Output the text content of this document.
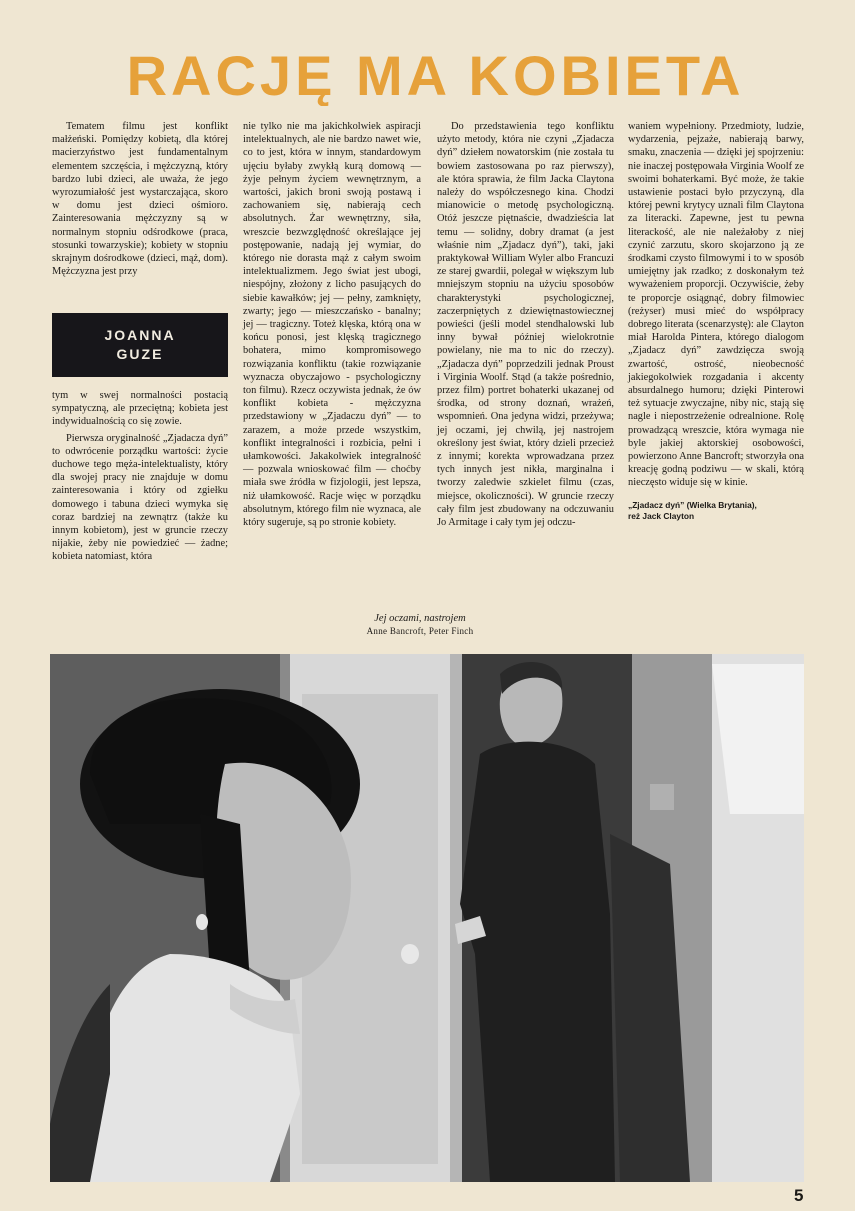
RACJĘ MA KOBIETA

Tematem filmu jest konflikt małżeński. Pomiędzy kobietą, dla której macierzyństwo jest fundamentalnym elementem szczęścia, i mężczyzną, który bardzo lubi dzieci, ale uważa, że jego wyrozumiałość jest wystarczająca, skoro w domu jest dzieci ośmioro. Zainteresowania mężczyzny są w normalnym stopniu odśrodkowe (praca, stosunki towarzyskie); kobiety w stopniu skrajnym dośrodkowe (dzieci, mąż, dom). Mężczyzna jest przy

JOANNA
GUZE

tym w swej normalności postacią sympatyczną, ale przeciętną; kobieta jest indywidualnością co się zowie.

Pierwsza oryginalność „Zjadacza dyń” to odwrócenie porządku wartości: życie duchowe tego męża-intelektualisty, który dla swojej pracy nie znajduje w domu zainteresowania i który od zgiełku domowego i tabuna dzieci wymyka się coraz bardziej na zewnątrz (także ku innym kobietom), jest w gruncie rzeczy nijakie, żeby nie powiedzieć — żadne; kobieta natomiast, która

nie tylko nie ma jakichkolwiek aspiracji intelektualnych, ale nie bardzo nawet wie, co to jest, która w innym, standardowym ujęciu byłaby zwykłą kurą domową — żyje pełnym życiem wewnętrznym, a wartości, jakich broni swoją postawą i zachowaniem się, nabierają cech absolutnych. Żar wewnętrzny, siła, wreszcie bezwzględność określające jej postępowanie, nadają jej wymiar, do którego nie dorasta mąż z całym swoim intelektualizmem. Jego świat jest ubogi, niespójny, złożony z licho pasujących do siebie kawałków; jej — pełny, zamknięty, zwarty; jego — mieszczańsko - banalny; jej — tragiczny. Toteż klęska, którą ona w końcu ponosi, jest klęską tragicznego bohatera, mimo kompromisowego rozwiązania konfliktu (takie rozwiązanie wyznacza obyczajowo - psychologiczny ton filmu). Rzecz oczywista jednak, że ów konflikt kobieta - mężczyzna przedstawiony w „Zjadaczu dyń” — to zarazem, a może przede wszystkim, konflikt integralności i rozbicia, pełni i ułamkowości. Jakakolwiek integralność — pozwala wnioskować film — choćby miała swe źródła w fizjologii, jest lepsza, niż ułamkowość. Racje więc w porządku absolutnym, którego film nie wyznaca, ale który sugeruje, są po stronie kobiety.

Do przedstawienia tego konfliktu użyto metody, która nie czyni „Zjadacza dyń” dziełem nowatorskim (nie została tu bowiem zastosowana po raz pierwszy), ale która sprawia, że film Jacka Claytona należy do współczesnego kina. Chodzi mianowicie o metodę psychologiczną. Otóż jeszcze piętnaście, dwadzieścia lat temu — solidny, dobry dramat (a jest właśnie nim „Zjadacz dyń”), taki, jaki praktykował William Wyler albo Francuzi ze starej gwardii, polegał w większym lub mniejszym stopniu na użyciu sposobów charakterystyki psychologicznej, zaczerpniętych z dziewiętnastowiecznej powieści (jeśli model stendhalowski lub inny bywał później wielokrotnie powielany, nie ma to nic do rzeczy). „Zjadacza dyń” poprzedzili jednak Proust i Virginia Woolf. Stąd (a także pośrednio, przez film) portret bohaterki ukazanej od środka, od strony doznań, wrażeń, wspomnień. Ona jedyna widzi, przeżywa; jej oczami, jej chwilą, jej nastrojem określony jest świat, który dzieli przecież z innymi; korekta wprowadzana przez tych innych jest nikła, marginalna i tworzy zaledwie szkielet filmu (czas, miejsce, okoliczności). W gruncie rzeczy cały film jest zbudowany na odczuwaniu Jo Armitage i cały tym jej odczu-

waniem wypełniony. Przedmioty, ludzie, wydarzenia, pejzaże, nabierają barwy, smaku, znaczenia — dzięki jej spojrzeniu: nie inaczej postępowała Virginia Woolf ze swoimi bohaterkami. Być może, że takie ustawienie postaci było przyczyną, dla której pewni krytycy uznali film Claytona za literacki. Zapewne, jest tu pewna literackość, ale nie należałoby z niej czynić zarzutu, skoro skojarzono ją ze środkami czysto filmowymi i to w sposób umiejętny jak rzadko; z doskonałym też wyważeniem proporcji. Oczywiście, żeby te proporcje osiągnąć, dobry filmowiec (reżyser) musi mieć do współpracy dobrego literata (scenarzystę): ale Clayton miał Harolda Pintera, którego dialogom „Zjadacz dyń” zawdzięcza swoją zwartość, ostrość, nieobecność jakiegokolwiek rozgadania i akcenty absurdalnego humoru; dzięki Pinterowi też sytuacje zwyczajne, niby nic, stają się nagle i niepostrzeżenie odrealnione. Rolę prowadzącą wreszcie, która wymaga nie byle jakiej aktorskiej osobowości, powierzono Anne Bancroft; stworzyła ona kreację godną podziwu — w skali, którą nieczęsto widuje się w kinie.

„Zjadacz dyń” (Wielka Brytania),
reż Jack Clayton
Jej oczami, nastrojem
Anne Bancroft, Peter Finch
5
